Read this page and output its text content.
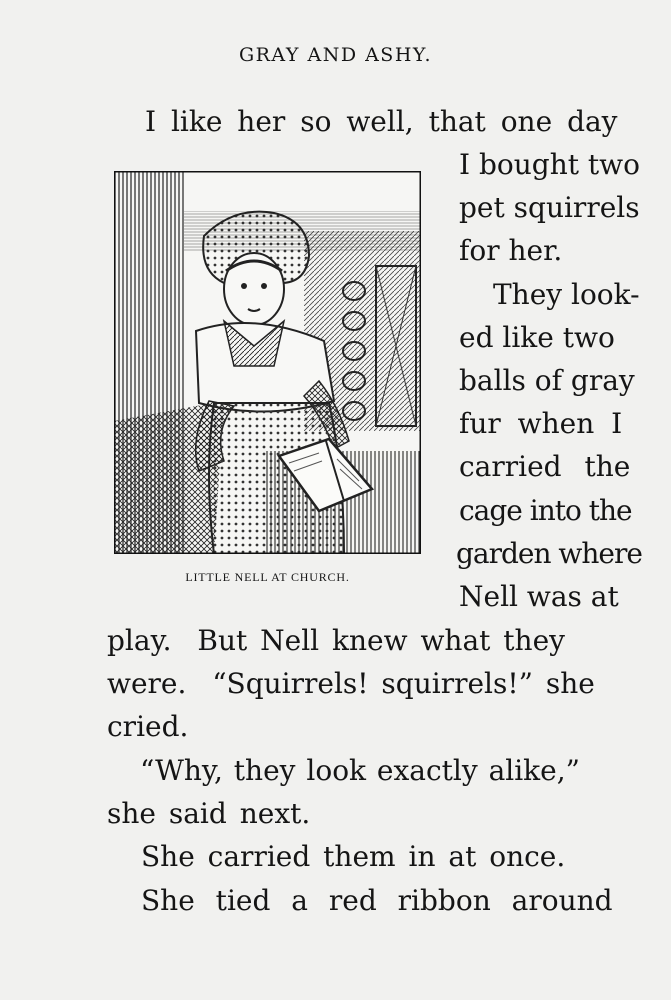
GRAY AND ASHY.
I like her so well, that one day
I bought two
pet squirrels
for her.
They look-
ed like two
balls of gray
fur when I
carried the
cage into the
garden where
Nell was at
play.  But Nell knew what they
were.  “Squirrels! squirrels!” she
cried.
“Why, they look exactly alike,”
she said next.
She carried them in at once.
She tied a red ribbon around
LITTLE NELL AT CHURCH.
